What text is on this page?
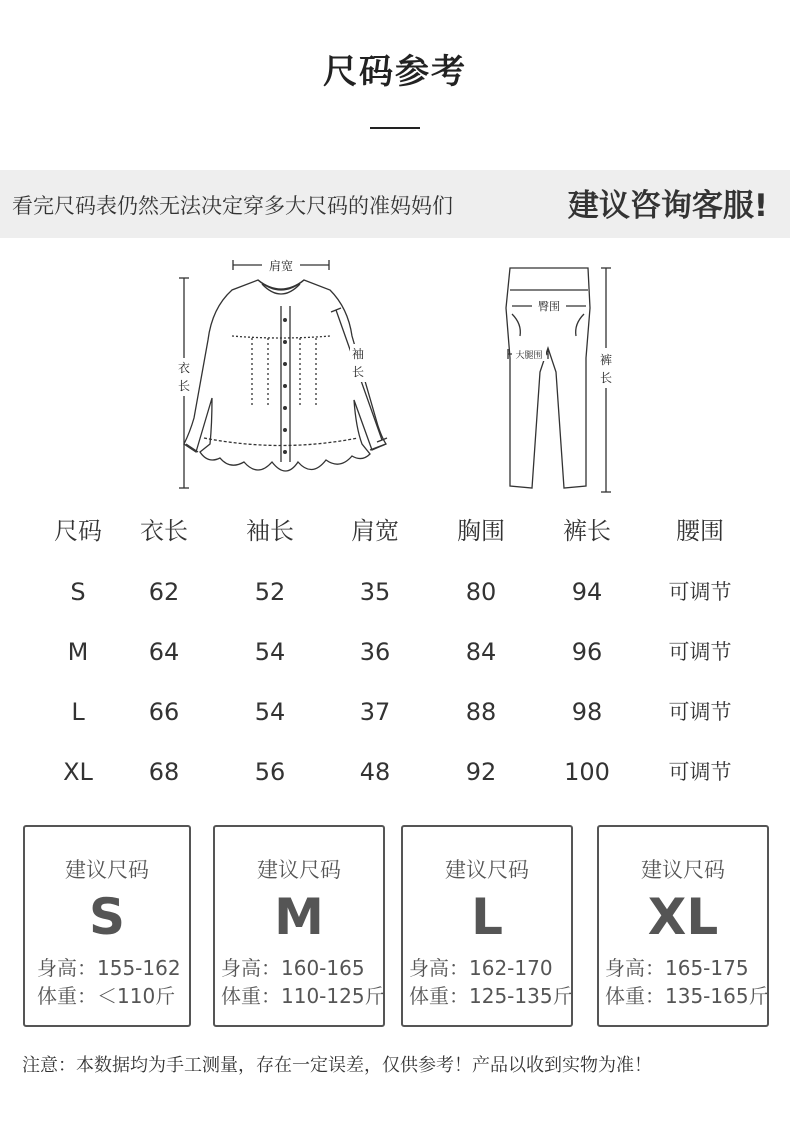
尺码参考
看完尺码表仍然无法决定穿多大尺码的准妈妈们	建议咨询客服!
肩宽
衣
长
袖
长
臀围
大腿围	裤
长
尺码	衣长	袖长	肩宽	胸围	裤长	腰围
S	62	52	35	80	94	可调节
M	64	54	36	84	96	可调节
L	66	54	37	88	98	可调节
XL	68	56	48	92	100	可调节
建议尺码
S
身高：155-162
体重：＜110斤
建议尺码
M
身高：160-165
体重：110-125斤
建议尺码
L
身高：162-170
体重：125-135斤
建议尺码
XL
身高：165-175
体重：135-165斤
注意：本数据均为手工测量，存在一定误差，仅供参考！产品以收到实物为准！
